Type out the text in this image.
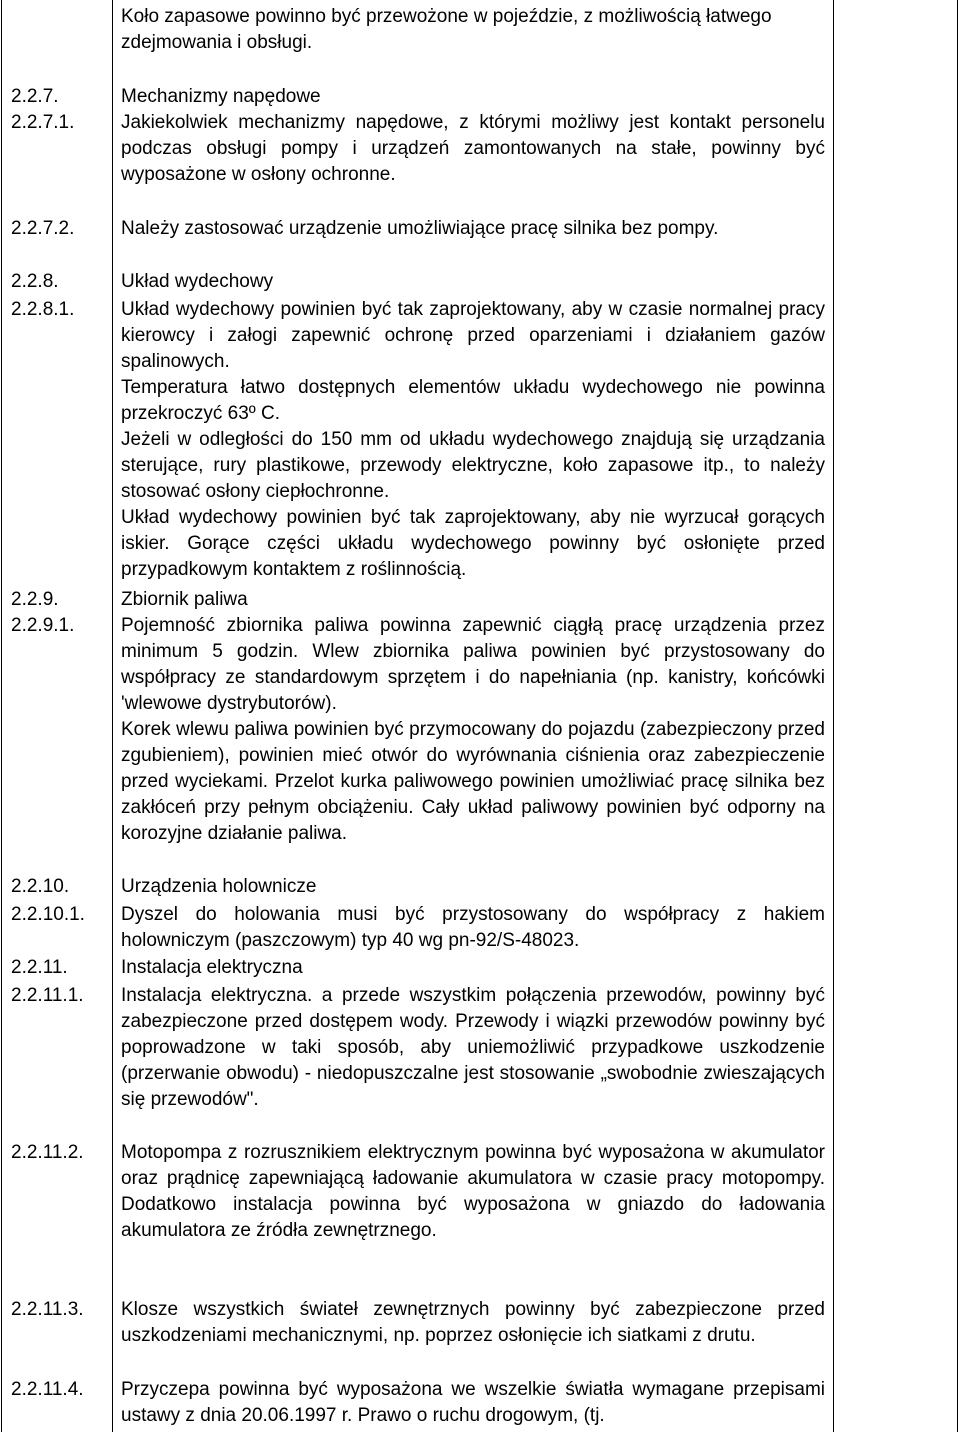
Koło zapasowe powinno być przewożone w pojeździe, z możliwością łatwego zdejmowania i obsługi.

2.2.7.	Mechanizmy napędowe

2.2.7.1. Jakiekolwiek mechanizmy napędowe, z którymi możliwy jest kontakt personelu podczas obsługi pompy i urządzeń zamontowanych na stałe, powinny być wyposażone w osłony ochronne.

2.2.7.2. Należy zastosować urządzenie umożliwiające pracę silnika bez pompy.

2.2.8.	Układ wydechowy

2.2.8.1. Układ wydechowy powinien być tak zaprojektowany, aby w czasie normalnej pracy kierowcy i załogi zapewnić ochronę przed oparzeniami i działaniem gazów spalinowych.

Temperatura łatwo dostępnych elementów układu wydechowego nie powinna przekroczyć 63º C.

Jeżeli w odległości do 150 mm od układu wydechowego znajdują się urządzania sterujące, rury plastikowe, przewody elektryczne, koło zapasowe itp., to należy stosować osłony ciepłochronne.

Układ wydechowy powinien być tak zaprojektowany, aby nie wyrzucał gorących iskier. Gorące części układu wydechowego powinny być osłonięte przed przypadkowym kontaktem z roślinnością.

2.2.9.	Zbiornik paliwa

2.2.9.1. Pojemność zbiornika paliwa powinna zapewnić ciągłą pracę urządzenia przez minimum 5 godzin. Wlew zbiornika paliwa powinien być przystosowany do współpracy ze standardowym sprzętem i do napełniania (np. kanistry, końcówki 'wlewowe dystrybutorów).

Korek wlewu paliwa powinien być przymocowany do pojazdu (zabezpieczony przed zgubieniem), powinien mieć otwór do wyrównania ciśnienia oraz zabezpieczenie przed wyciekami. Przelot kurka paliwowego powinien umożliwiać pracę silnika bez zakłóceń przy pełnym obciążeniu. Cały układ paliwowy powinien być odporny na korozyjne działanie paliwa.

2.2.10.	Urządzenia holownicze

2.2.10.1. Dyszel do holowania musi być przystosowany do współpracy z hakiem holowniczym (paszczowym) typ 40 wg pn-92/S-48023.

2.2.11.	Instalacja elektryczna

2.2.11.1. Instalacja elektryczna. a przede wszystkim połączenia przewodów, powinny być zabezpieczone przed dostępem wody. Przewody i wiązki przewodów powinny być poprowadzone w taki sposób, aby uniemożliwić przypadkowe uszkodzenie (przerwanie obwodu) - niedopuszczalne jest stosowanie „swobodnie zwieszających się przewodów".

2.2.11.2. Motopompa z rozrusznikiem elektrycznym powinna być wyposażona w akumulator oraz prądnicę zapewniającą ładowanie akumulatora w czasie pracy motopompy. Dodatkowo instalacja powinna być wyposażona w gniazdo do ładowania akumulatora ze źródła zewnętrznego.

2.2.11.3. Klosze wszystkich świateł zewnętrznych powinny być zabezpieczone przed uszkodzeniami mechanicznymi, np. poprzez osłonięcie ich siatkami z drutu.

2.2.11.4. Przyczepa powinna być wyposażona we wszelkie światła wymagane przepisami ustawy z dnia 20.06.1997 r. Prawo o ruchu drogowym, (tj.
